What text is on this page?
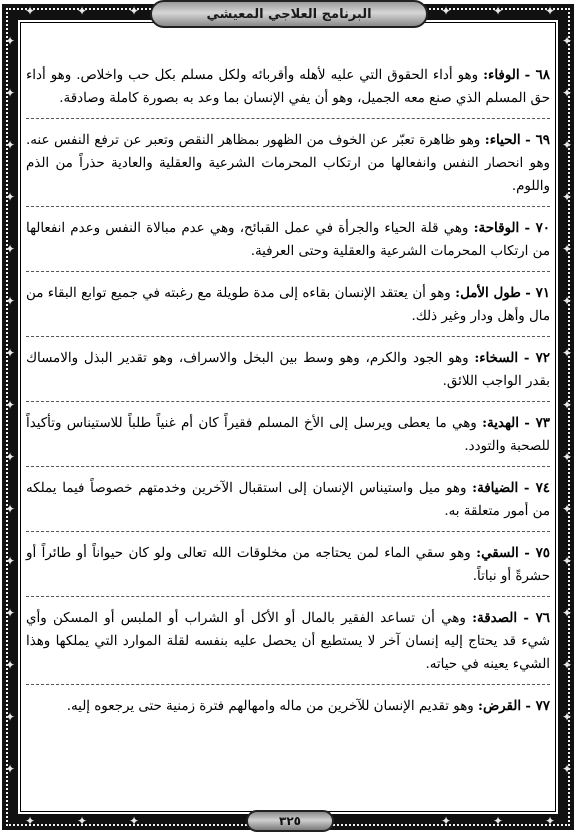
البرنامج العلاجي المعيشي
٦٨ - الوفاء: وهو أداء الحقوق التي عليه لأهله وأقربائه ولكل مسلم بكل حب واخلاص. وهو أداء حق المسلم الذي صنع معه الجميل، وهو أن يفي الإنسان بما وعد به بصورة كاملة وصادقة.
٦٩ - الحياء: وهو ظاهرة تعبّر عن الخوف من الظهور بمظاهر النقص وتعبر عن ترفع النفس عنه. وهو انحصار النفس وانفعالها من ارتكاب المحرمات الشرعية والعقلية والعادية حذراً من الذم واللوم.
٧٠ - الوقاحة: وهي قلة الحياء والجرأة في عمل القبائح، وهي عدم مبالاة النفس وعدم انفعالها من ارتكاب المحرمات الشرعية والعقلية وحتى العرفية.
٧١ - طول الأمل: وهو أن يعتقد الإنسان بقاءه إلى مدة طويلة مع رغبته في جميع توابع البقاء من مال وأهل ودار وغير ذلك.
٧٢ - السخاء: وهو الجود والكرم، وهو وسط بين البخل والاسراف، وهو تقدير البذل والامساك بقدر الواجب اللائق.
٧٣ - الهدية: وهي ما يعطى ويرسل إلى الأخ المسلم فقيراً كان أم غنياً طلباً للاستيناس وتأكيداً للصحبة والتودد.
٧٤ - الضيافة: وهو ميل واستيناس الإنسان إلى استقبال الآخرين وخدمتهم خصوصاً فيما يملكه من أمور متعلقة به.
٧٥ - السقي: وهو سقي الماء لمن يحتاجه من مخلوقات الله تعالى ولو كان حيواناً أو طائراً أو حشرةً أو نباتاً.
٧٦ - الصدقة: وهي أن تساعد الفقير بالمال أو الأكل أو الشراب أو الملبس أو المسكن وأي شيء قد يحتاج إليه إنسان آخر لا يستطيع أن يحصل عليه بنفسه لقلة الموارد التي يملكها وهذا الشيء يعينه في حياته.
٧٧ - القرض: وهو تقديم الإنسان للآخرين من ماله وامهالهم فترة زمنية حتى يرجعوه إليه.
٣٢٥
✦	✦
✦	✦
✦	✦
✦	✦
✦	✦
✦	✦
✦	✦
✦	✦
✦	✦
✦	✦
✦	✦
✦	✦
✦	✦
✦	✦
✦	✦
✦
✦
✦
✦
✦
✦
✦
✦
✦
✦
✦
✦
